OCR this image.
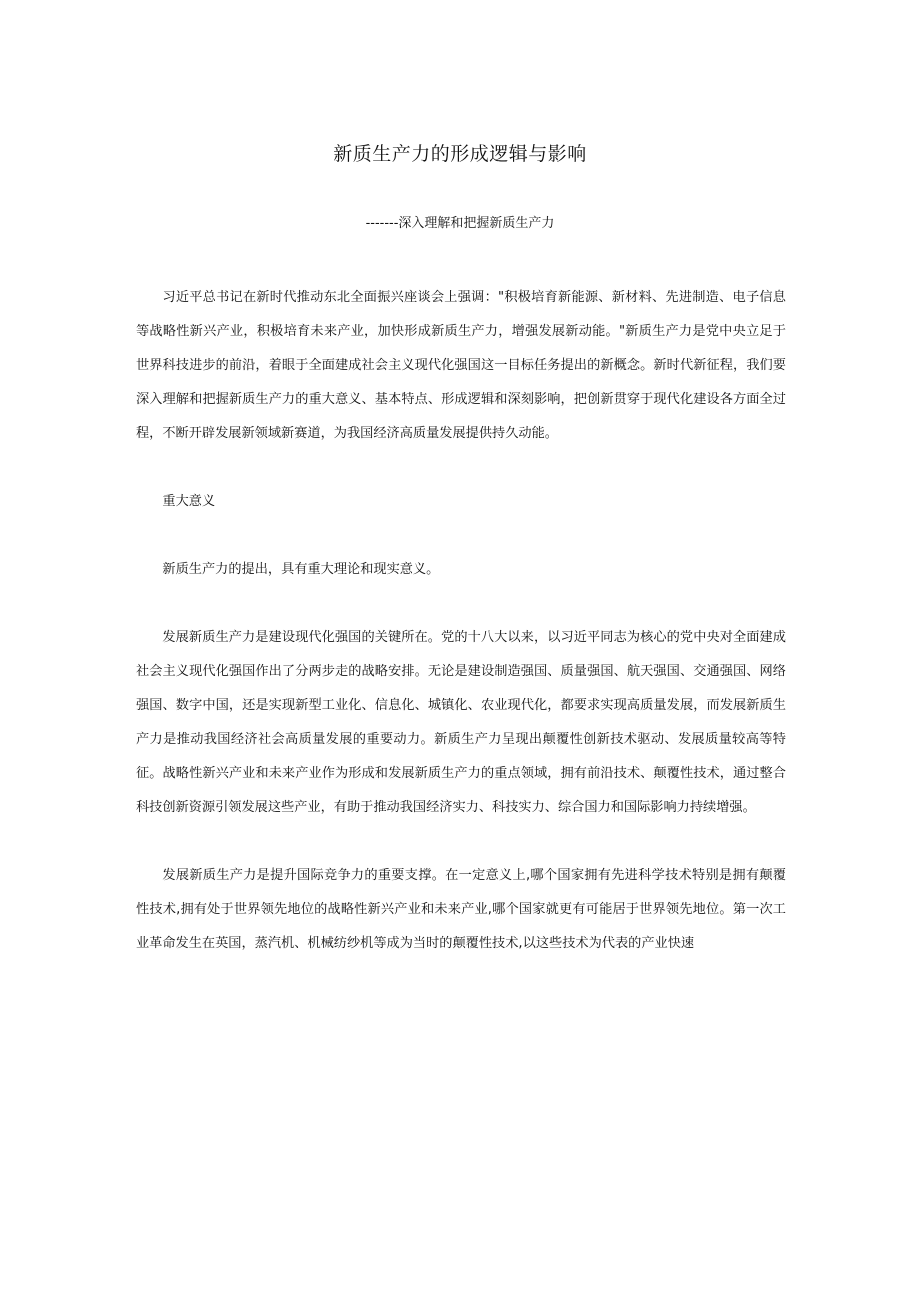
新质生产力的形成逻辑与影响

-------深入理解和把握新质生产力

习近平总书记在新时代推动东北全面振兴座谈会上强调："积极培育新能源、新材料、先进制造、电子信息等战略性新兴产业，积极培育未来产业，加快形成新质生产力，增强发展新动能。"新质生产力是党中央立足于世界科技进步的前沿，着眼于全面建成社会主义现代化强国这一目标任务提出的新概念。新时代新征程，我们要深入理解和把握新质生产力的重大意义、基本特点、形成逻辑和深刻影响，把创新贯穿于现代化建设各方面全过程，不断开辟发展新领域新赛道，为我国经济高质量发展提供持久动能。

重大意义

新质生产力的提出，具有重大理论和现实意义。

发展新质生产力是建设现代化强国的关键所在。党的十八大以来，以习近平同志为核心的党中央对全面建成社会主义现代化强国作出了分两步走的战略安排。无论是建设制造强国、质量强国、航天强国、交通强国、网络强国、数字中国，还是实现新型工业化、信息化、城镇化、农业现代化，都要求实现高质量发展，而发展新质生产力是推动我国经济社会高质量发展的重要动力。新质生产力呈现出颠覆性创新技术驱动、发展质量较高等特征。战略性新兴产业和未来产业作为形成和发展新质生产力的重点领域，拥有前沿技术、颠覆性技术，通过整合科技创新资源引领发展这些产业，有助于推动我国经济实力、科技实力、综合国力和国际影响力持续增强。

发展新质生产力是提升国际竞争力的重要支撑。在一定意义上,哪个国家拥有先进科学技术特别是拥有颠覆性技术,拥有处于世界领先地位的战略性新兴产业和未来产业,哪个国家就更有可能居于世界领先地位。第一次工业革命发生在英国，蒸汽机、机械纺纱机等成为当时的颠覆性技术,以这些技术为代表的产业快速
